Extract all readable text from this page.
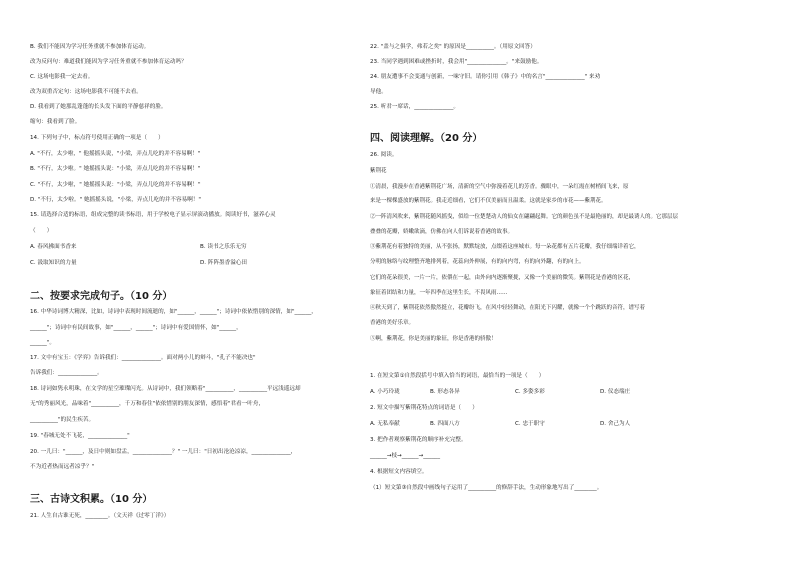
B. 我们不能因为学习任务重就不参加体育运动。
改为反问句：难道我们能因为学习任务重就不参加体育运动吗？
C. 这场电影我一定去看。
改为双重否定句：这场电影我不可能不去看。
D. 我看到了她那乱蓬蓬的长头发下面的平静慈祥的脸。
缩句：我看到了脸。
14. 下列句子中，标点符号使用正确的一项是（　　）
A. "不行，太少啦，" 他摇摇头说，"小梁，弄点儿吃的并不容易啊！"
B. "不行，太少啦。" 她摇摇头说："小梁，弄点儿吃的并不容易啊！"
C. "不行，太少啦，" 她摇摇头说："小梁，弄点儿吃的并不容易啊！"
D. "不行，太少啦。" 她摇摇头说，"小梁，弄点儿吃的并不容易啊！"
15. 请选择合适的标语，组成完整的读书标语，用于学校电子显示屏滚动播放。阅读好书，滋养心灵
（　　）
A. 春风拂面书香来	B. 读书之乐乐无穷
C. 汲取知识的力量	D. 阵阵墨香溢心田
二、按要求完成句子。（10 分）
16. 中华诗词博大精深，比如，诗词中表现时间流逝的，如"______，______"；诗词中依依惜别的深情，如"______，
______"；诗词中有民间故事，如"______，______"；诗词中有爱国情怀，如"______，
______"。
17. 文中有宝玉：《学弈》告诉我们：______________。面对两小儿的辩斗，"孔子不能决也"
告诉我们：______________。
18. 诗词如隽永明珠，在文学的星空璀璨闪光。从诗词中，我们领略着"__________，__________平远浅遥远却
无"的秀丽风光，品味着"__________，千万和春住"依依惜别的朋友深情，感悟着"君看一叶舟，
__________"的民生疾苦。
19. "春城无处不飞花，______________"
20. 一儿曰："______，及日中则如盘盂，______________？" 一儿曰："日初出沧沧凉凉，______________，
不为近者热而远者凉乎？"
三、古诗文积累。（10 分）
21. 人生自古谁无死，________。（文天祥《过零丁洋》）
22. "盖与之俱学，弗若之矣" 的原因是__________。（用原文回答）
23. 当同学遇到困难或挫折时，我会用"______________。"来鼓励他。
24. 朋友遭事不会变通与创新，一味守旧。请你引用《韩子》中的名言"______________" 来劝
导他。
25. 听君一席话，______________。
四、阅读理解。（20 分）
26. 阅读。
紫荆花
①清晨，我漫步在香港紫荆花广场，清新的空气中弥漫着花儿的芳香。骤眼中，一朵红霞在树梢间飞来，原
来是一棵棵盛放的紫荆花。我走近细看，它们不仅美丽而且温柔。这就是家乡的市花——紫荆花。
②一阵清风吹来，紫荆花随风摇曳，似给一位楚楚动人的仙女在翩翩起舞。它的颜色虽不是最艳丽的，却是最诱人的。它那层层
叠叠的花瓣，娇嫩欲滴，仿佛在向人们诉说着香港的故事。
③紫荆花有着独特的美丽，从不张扬，默默绽放，点缀着这座城市。每一朵花都有五片花瓣，我仔细端详着它，
分明的脉络与纹理整齐地排列着，花蕊向外伸展，有的向内弯，有的向外翻，有的向上。
它们的花朵很美，一片一片，依偎在一起，由外向内逐渐聚拢，又像一个美丽的微笑。紫荆花是香港的区花，
象征着团结和力量，一年四季在这里生长，不畏风雨……
④秋天到了，紫荆花依然傲然挺立，花瓣纷飞，在风中轻轻舞动，在阳光下闪耀，就像一个个跳跃的音符，谱写着
香港的美好乐章。
⑤啊，紫荆花，你是美丽的象征，你是香港的骄傲！
1. 在短文第①自然段括号中填入恰当的词语，最恰当的一项是（　　）
A. 小巧玲珑	B. 形态各异	C. 多姿多彩	D. 仪态端庄
2. 短文中描写紫荆花特点的词语是（　　）
A. 无私奉献	B. 四面八方	C. 忠于职守	D. 舍己为人
3. 把作者观察紫荆花的顺序补充完整。
______→枝→______→______
4. 根据短文内容填空。
（1）短文第③自然段中画线句子运用了__________的修辞手法，生动形象地写出了________。
